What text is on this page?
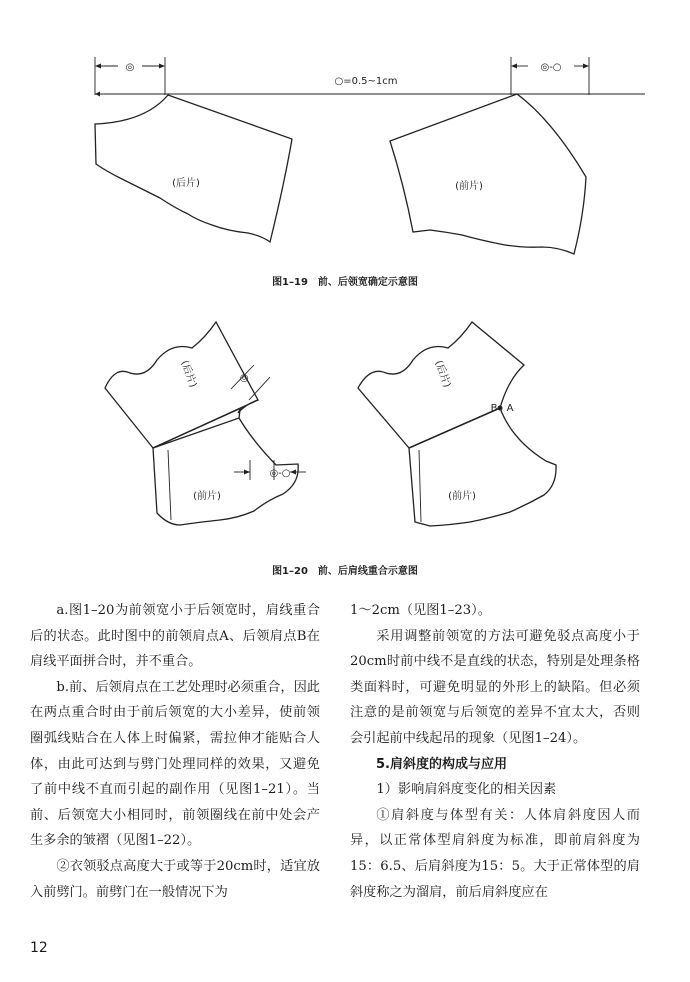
◎	◎-○
○=0.5~1cm
(后片)	(前片)
图1–19　前、后领宽确定示意图
◎
◎-○
(后片)
(前片)
(后片)
(前片)
B A
图1–20　前、后肩线重合示意图

a.图1–20为前领宽小于后领宽时，肩线重合后的状态。此时图中的前领肩点A、后领肩点B在肩线平面拼合时，并不重合。

b.前、后领肩点在工艺处理时必须重合，因此在两点重合时由于前后领宽的大小差异，使前领圈弧线贴合在人体上时偏紧，需拉伸才能贴合人体，由此可达到与劈门处理同样的效果，又避免了前中线不直而引起的副作用（见图1–21）。当前、后领宽大小相同时，前领圈线在前中处会产生多余的皱褶（见图1–22）。

②衣领驳点高度大于或等于20cm时，适宜放入前劈门。前劈门在一般情况下为

1～2cm（见图1–23）。

采用调整前领宽的方法可避免驳点高度小于20cm时前中线不是直线的状态，特别是处理条格类面料时，可避免明显的外形上的缺陷。但必须注意的是前领宽与后领宽的差异不宜太大，否则会引起前中线起吊的现象（见图1–24）。

5.肩斜度的构成与应用

1）影响肩斜度变化的相关因素

①肩斜度与体型有关：人体肩斜度因人而异，以正常体型肩斜度为标准，即前肩斜度为15：6.5、后肩斜度为15：5。大于正常体型的肩斜度称之为溜肩，前后肩斜度应在

12
